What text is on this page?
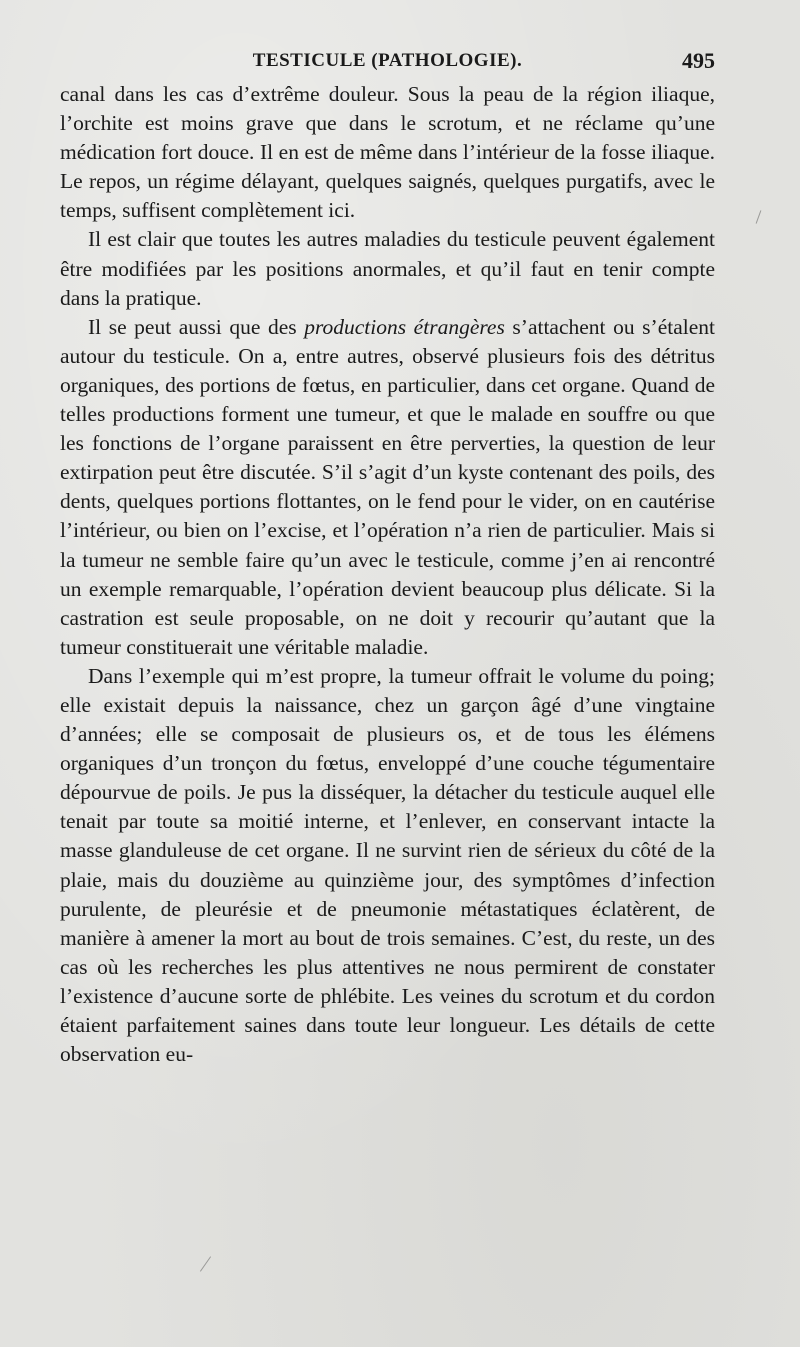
TESTICULE (PATHOLOGIE).	495

canal dans les cas d’extrême douleur. Sous la peau de la région iliaque, l’orchite est moins grave que dans le scrotum, et ne réclame qu’une médication fort douce. Il en est de même dans l’intérieur de la fosse iliaque. Le repos, un régime délayant, quelques saignés, quelques purgatifs, avec le temps, suffisent complètement ici.

Il est clair que toutes les autres maladies du testicule peuvent également être modifiées par les positions anormales, et qu’il faut en tenir compte dans la pratique.

Il se peut aussi que des productions étrangères s’attachent ou s’étalent autour du testicule. On a, entre autres, observé plusieurs fois des détritus organiques, des portions de fœtus, en particulier, dans cet organe. Quand de telles productions forment une tumeur, et que le malade en souffre ou que les fonctions de l’organe paraissent en être perverties, la question de leur extirpation peut être discutée. S’il s’agit d’un kyste contenant des poils, des dents, quelques portions flottantes, on le fend pour le vider, on en cautérise l’intérieur, ou bien on l’excise, et l’opération n’a rien de particulier. Mais si la tumeur ne semble faire qu’un avec le testicule, comme j’en ai rencontré un exemple remarquable, l’opération devient beaucoup plus délicate. Si la castration est seule proposable, on ne doit y recourir qu’autant que la tumeur constituerait une véritable maladie.

Dans l’exemple qui m’est propre, la tumeur offrait le volume du poing; elle existait depuis la naissance, chez un garçon âgé d’une vingtaine d’années; elle se composait de plusieurs os, et de tous les élémens organiques d’un tronçon du fœtus, enveloppé d’une couche tégumentaire dépourvue de poils. Je pus la disséquer, la détacher du testicule auquel elle tenait par toute sa moitié interne, et l’enlever, en conservant intacte la masse glanduleuse de cet organe. Il ne survint rien de sérieux du côté de la plaie, mais du douzième au quinzième jour, des symptômes d’infection purulente, de pleurésie et de pneumonie métastatiques éclatèrent, de manière à amener la mort au bout de trois semaines. C’est, du reste, un des cas où les recherches les plus attentives ne nous permirent de constater l’existence d’aucune sorte de phlébite. Les veines du scrotum et du cordon étaient parfaitement saines dans toute leur longueur. Les détails de cette observation eu-
